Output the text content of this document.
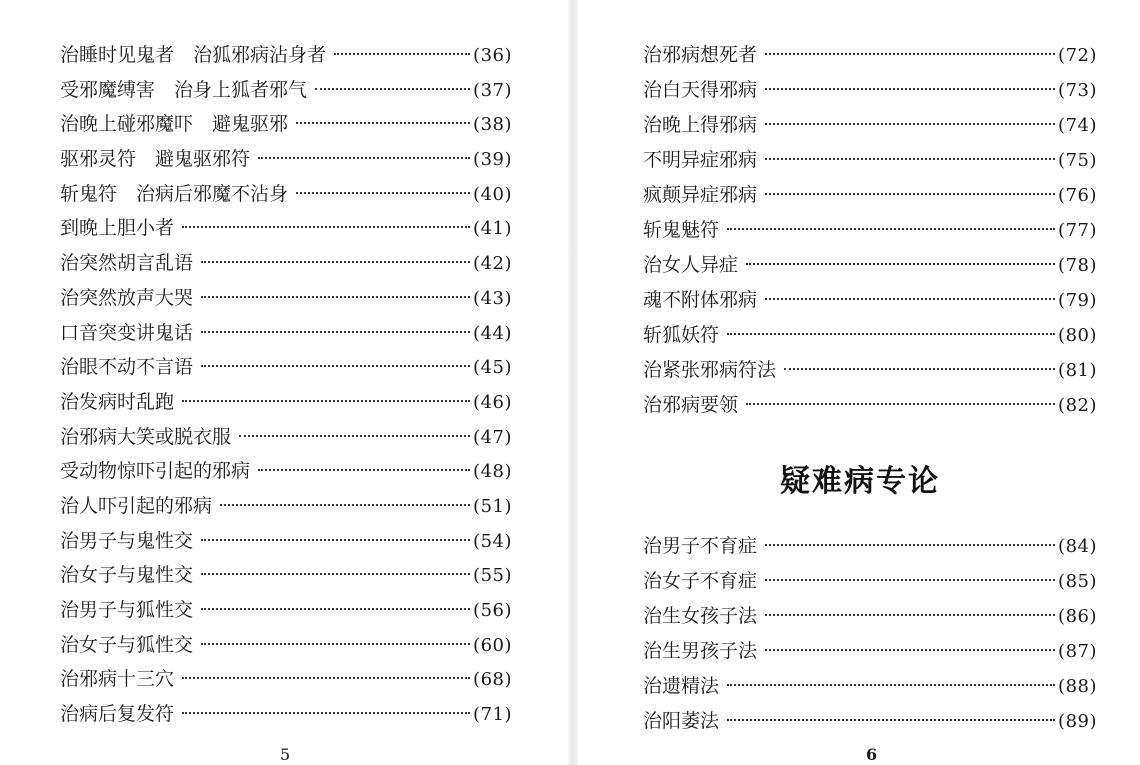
治睡时见鬼者　治狐邪病沾身者	(36)
受邪魔缚害　治身上狐者邪气	(37)
治晚上碰邪魔吓　避鬼驱邪	(38)
驱邪灵符　避鬼驱邪符	(39)
斩鬼符　治病后邪魔不沾身	(40)
到晚上胆小者	(41)
治突然胡言乱语	(42)
治突然放声大哭	(43)
口音突变讲鬼话	(44)
治眼不动不言语	(45)
治发病时乱跑	(46)
治邪病大笑或脱衣服	(47)
受动物惊吓引起的邪病	(48)
治人吓引起的邪病	(51)
治男子与鬼性交	(54)
治女子与鬼性交	(55)
治男子与狐性交	(56)
治女子与狐性交	(60)
治邪病十三穴	(68)
治病后复发符	(71)
5
治邪病想死者	(72)
治白天得邪病	(73)
治晚上得邪病	(74)
不明异症邪病	(75)
疯颠异症邪病	(76)
斩鬼魅符	(77)
治女人异症	(78)
魂不附体邪病	(79)
斩狐妖符	(80)
治紧张邪病符法	(81)
治邪病要领	(82)
疑难病专论
治男子不育症	(84)
治女子不育症	(85)
治生女孩子法	(86)
治生男孩子法	(87)
治遗精法	(88)
治阳萎法	(89)
6
